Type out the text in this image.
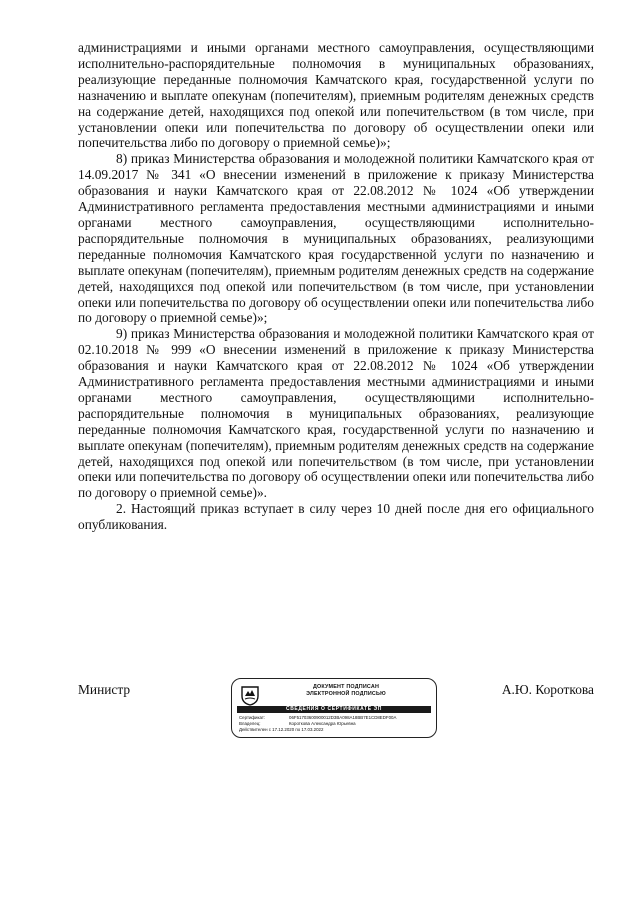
администрациями и иными органами местного самоуправления, осуществляющими исполнительно-распорядительные полномочия в муниципальных образованиях, реализующие переданные полномочия Камчатского края, государственной услуги по назначению и выплате опекунам (попечителям), приемным родителям денежных средств на содержание детей, находящихся под опекой или попечительством (в том числе, при установлении опеки или попечительства по договору об осуществлении опеки или попечительства либо по договору о приемной семье)»;

8) приказ Министерства образования и молодежной политики Камчатского края от 14.09.2017 № 341 «О внесении изменений в приложение к приказу Министерства образования и науки Камчатского края от 22.08.2012 № 1024 «Об утверждении Административного регламента предоставления местными администрациями и иными органами местного самоуправления, осуществляющими исполнительно-распорядительные полномочия в муниципальных образованиях, реализующими переданные полномочия Камчатского края государственной услуги по назначению и выплате опекунам (попечителям), приемным родителям денежных средств на содержание детей, находящихся под опекой или попечительством (в том числе, при установлении опеки или попечительства по договору об осуществлении опеки или попечительства либо по договору о приемной семье)»;

9) приказ Министерства образования и молодежной политики Камчатского края от 02.10.2018 № 999 «О внесении изменений в приложение к приказу Министерства образования и науки Камчатского края от 22.08.2012 № 1024 «Об утверждении Административного регламента предоставления местными администрациями и иными органами местного самоуправления, осуществляющими исполнительно-распорядительные полномочия в муниципальных образованиях, реализующие переданные полномочия Камчатского края, государственной услуги по назначению и выплате опекунам (попечителям), приемным родителям денежных средств на содержание детей, находящихся под опекой или попечительством (в том числе, при установлении опеки или попечительства по договору об осуществлении опеки или попечительства либо по договору о приемной семье)».

2. Настоящий приказ вступает в силу через 10 дней после дня его официального опубликования.

Министр	ДОКУМЕНТ ПОДПИСАН
ЭЛЕКТРОННОЙ ПОДПИСЬЮ
СВЕДЕНИЯ О СЕРТИФИКАТЕ ЭП
Сертификат:	06F51703600900012D3BA098A18BB7E1CD8EDF00A
Владелец:	Короткова Александра Юрьевна
Действителен с 17.12.2020 по 17.03.2022
А.Ю. Короткова
